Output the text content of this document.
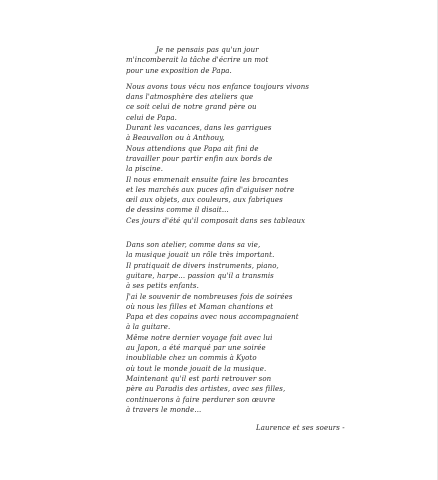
Je ne pensais pas qu'un jour
m'incomberait la tâche d'écrire un mot
pour une exposition de Papa.
Nous avons tous vécu nos enfance toujours vivons
dans l'atmosphère des ateliers que
ce soit celui de notre grand père ou
celui de Papa.
Durant les vacances, dans les garrigues
à Beauvallon ou à Anthouy,
Nous attendions que Papa ait fini de
travailler pour partir enfin aux bords de
la piscine.
Il nous emmenait ensuite faire les brocantes
et les marchés aux puces afin d'aiguiser notre
œil aux objets, aux couleurs, aux fabriques
de dessins comme il disait...
Ces jours d'été qu'il composait dans ses tableaux
Dans son atelier, comme dans sa vie,
la musique jouait un rôle très important.
Il pratiquait de divers instruments, piano,
guitare, harpe... passion qu'il a transmis
à ses petits enfants.
J'ai le souvenir de nombreuses fois de soirées
où nous les filles et Maman chantions et
Papa et des copains avec nous accompagnaient
à la guitare.
Même notre dernier voyage fait avec lui
au Japon, a été marqué par une soirée
inoubliable chez un commis à Kyoto
où tout le monde jouait de la musique.
Maintenant qu'il est parti retrouver son
père au Paradis des artistes, avec ses filles,
continuerons à faire perdurer son œuvre
à travers le monde...
Laurence et ses soeurs -
